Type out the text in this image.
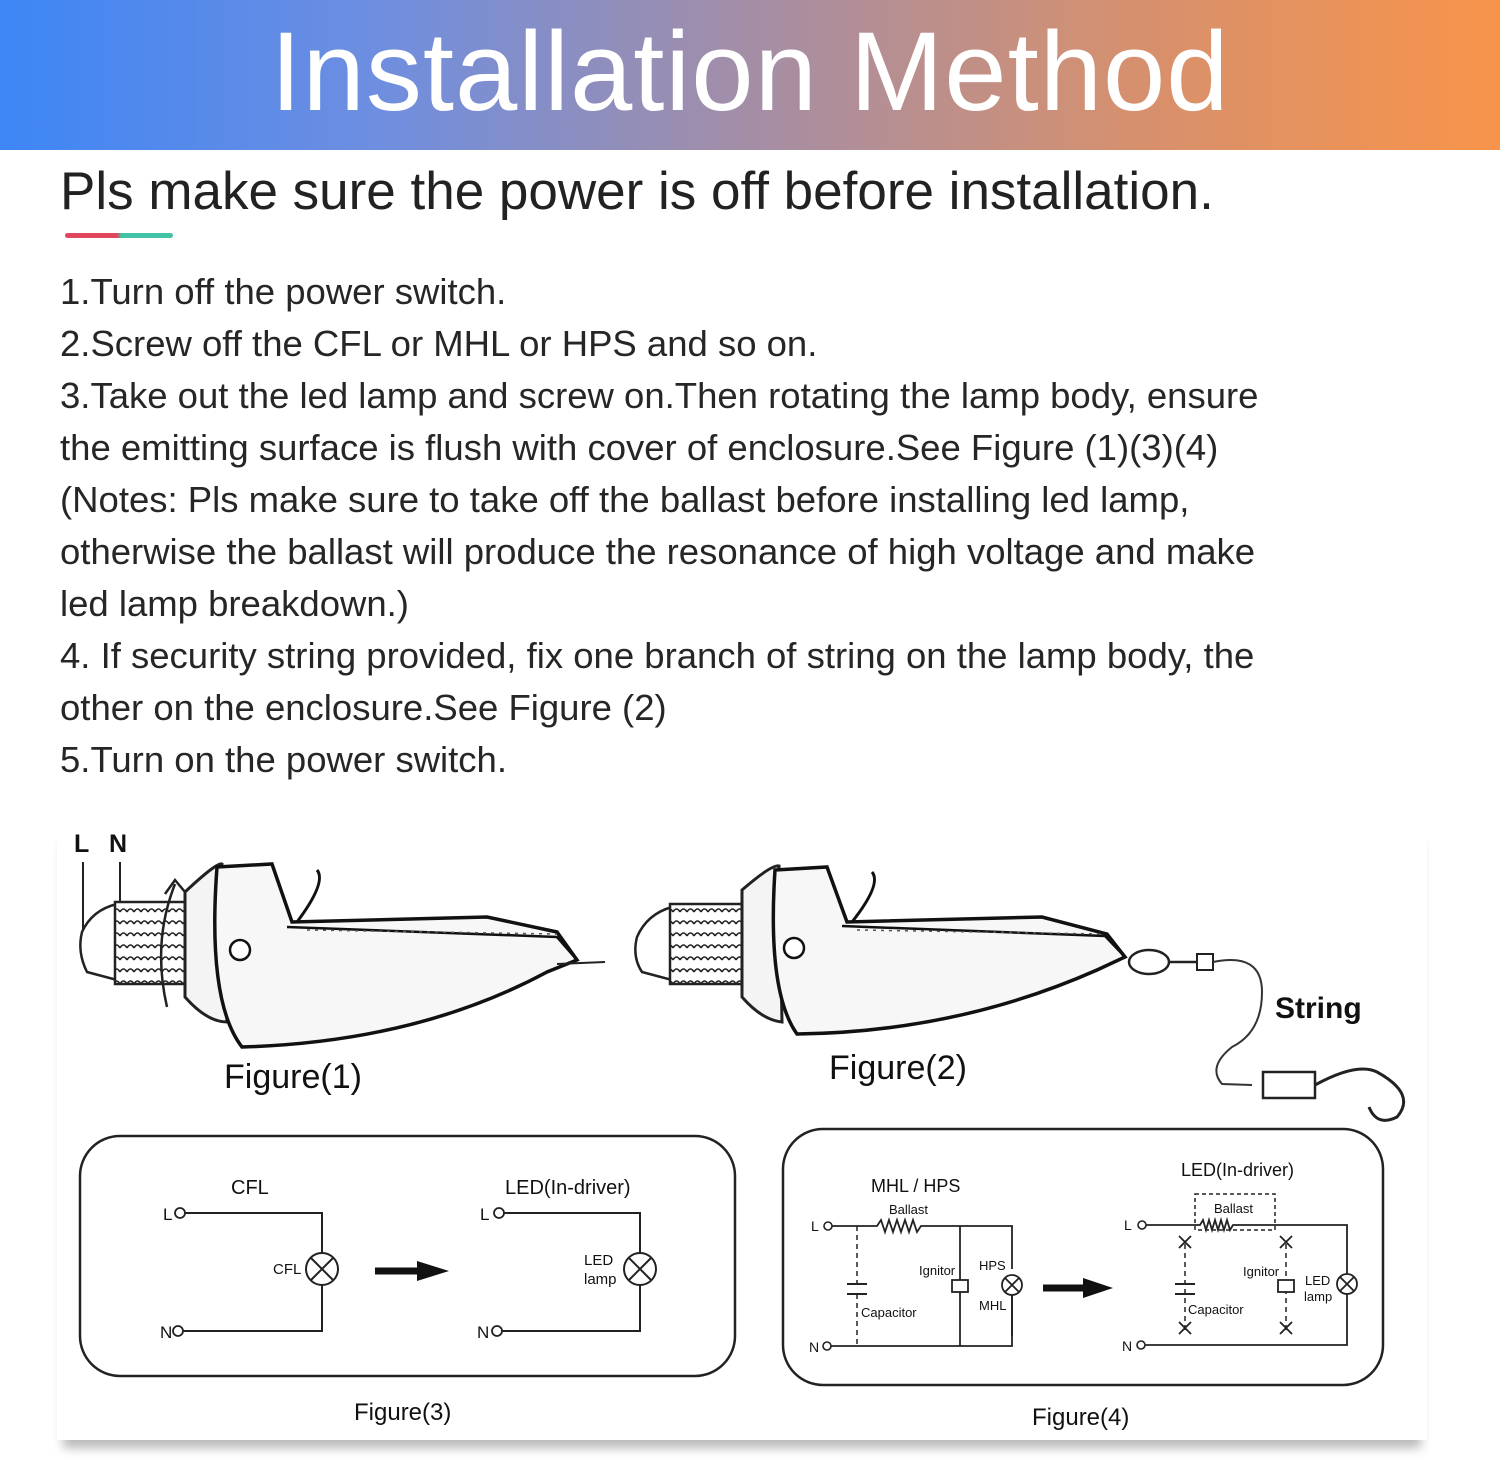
Installation Method
Pls make sure the power is off before installation.
1.Turn off the power switch.
2.Screw off the CFL or MHL or HPS and so on.
3.Take out the led lamp and screw on.Then rotating the lamp body, ensure
the emitting surface is flush with cover of enclosure.See Figure (1)(3)(4)
(Notes: Pls make sure to take off the ballast before installing led lamp,
otherwise the ballast will produce the resonance of high voltage and make
led lamp breakdown.)
4. If security string provided, fix one branch of string on the lamp body, the
other on the enclosure.See Figure (2)
5.Turn on the power switch.
L N
Figure(1)
String
Figure(2)
CFL	LED(In-driver)
L
N
CFL
L
N
LED
lamp
Figure(3)
MHL / HPS
LED(In-driver)
L
N
Ballast
Capacitor
Ignitor HPS
MHL
L
N
Ballast
Capacitor
Ignitor
LED
lamp
Figure(4)
